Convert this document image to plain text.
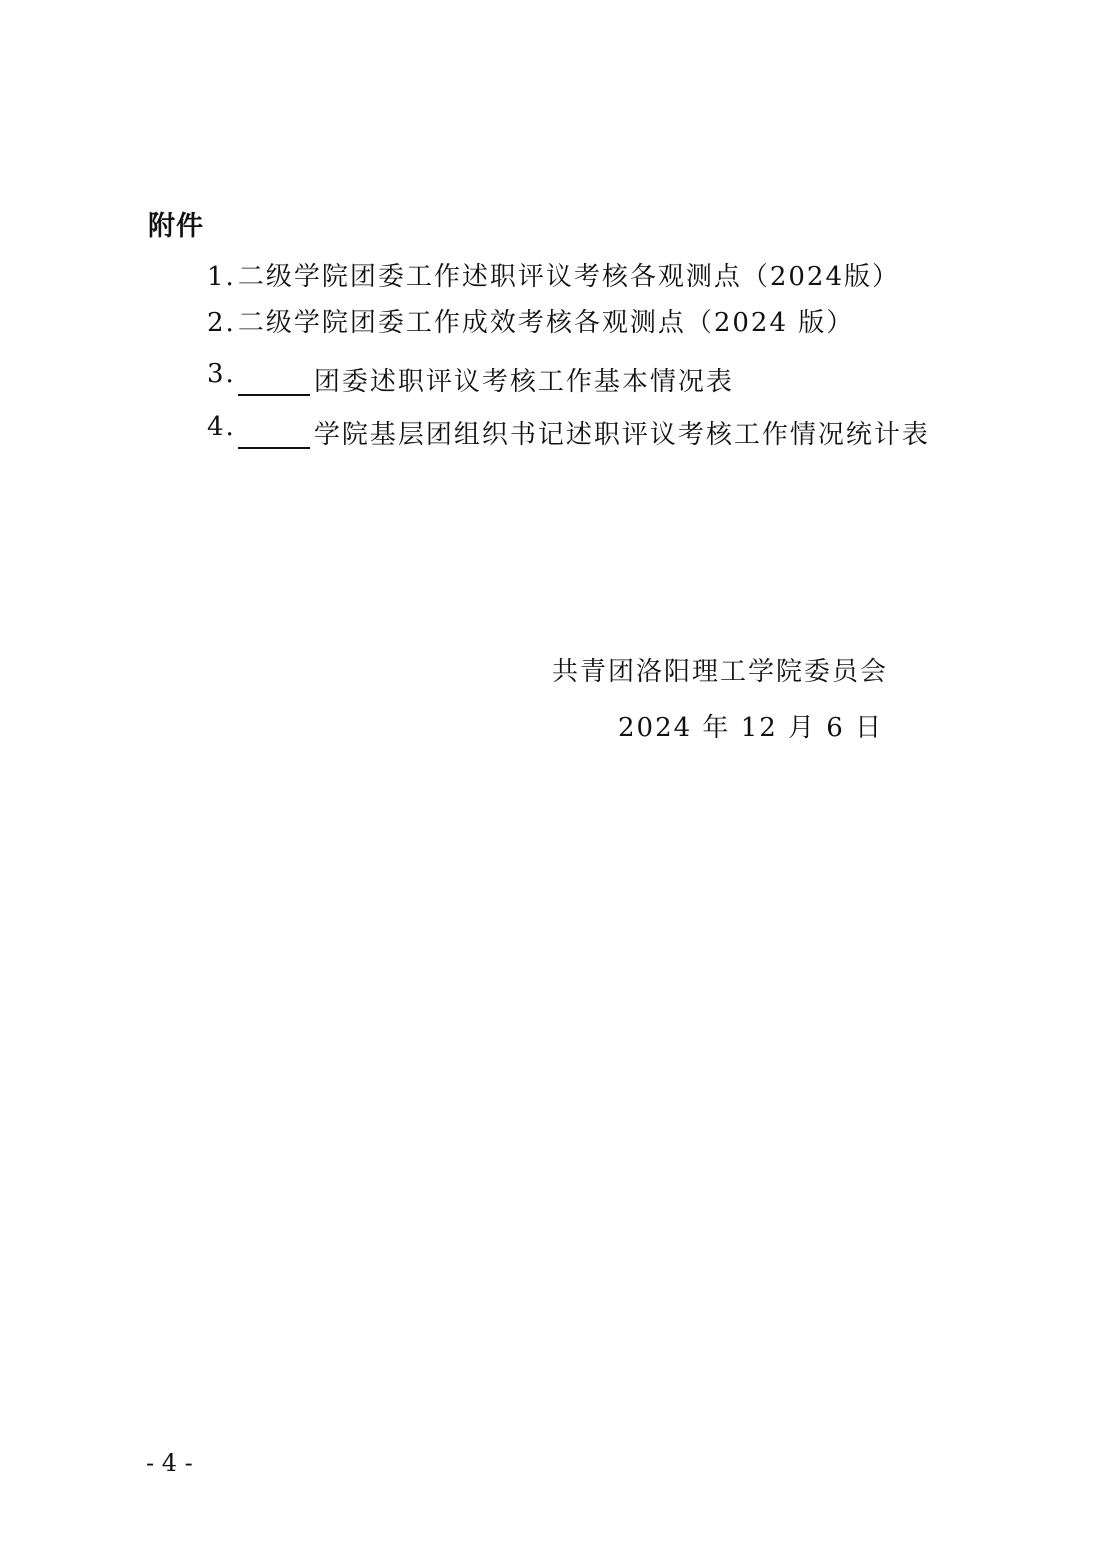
附件
1.二级学院团委工作述职评议考核各观测点（2024版）
2.二级学院团委工作成效考核各观测点（2024 版）
3.	团委述职评议考核工作基本情况表
4.	学院基层团组织书记述职评议考核工作情况统计表
共青团洛阳理工学院委员会
2024 年 12 月 6 日
- 4 -
